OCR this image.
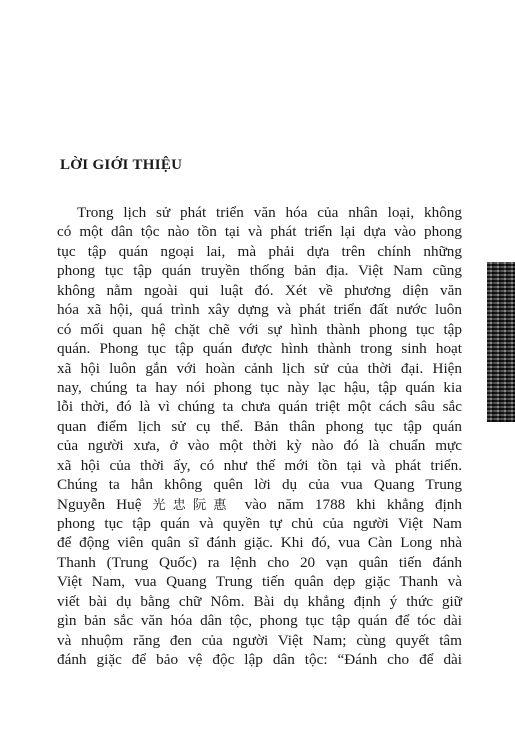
LỜI GIỚI THIỆU
Trong lịch sử phát triển văn hóa của nhân loại, không
có một dân tộc nào tồn tại và phát triển lại dựa vào phong
tục tập quán ngoại lai, mà phải dựa trên chính những
phong tục tập quán truyền thống bản địa. Việt Nam cũng
không nằm ngoài qui luật đó. Xét về phương diện văn
hóa xã hội, quá trình xây dựng và phát triển đất nước luôn
có mối quan hệ chặt chẽ với sự hình thành phong tục tập
quán. Phong tục tập quán được hình thành trong sinh hoạt
xã hội luôn gắn với hoàn cảnh lịch sử của thời đại. Hiện
nay, chúng ta hay nói phong tục này lạc hậu, tập quán kia
lỗi thời, đó là vì chúng ta chưa quán triệt một cách sâu sắc
quan điểm lịch sử cụ thể. Bản thân phong tục tập quán
của người xưa, ở vào một thời kỳ nào đó là chuẩn mực
xã hội của thời ấy, có như thế mới tồn tại và phát triển.
Chúng ta hẳn không quên lời dụ của vua Quang Trung
Nguyễn Huệ 光忠阮惠 vào năm 1788 khi khẳng định
phong tục tập quán và quyền tự chủ của người Việt Nam
để động viên quân sĩ đánh giặc. Khi đó, vua Càn Long nhà
Thanh (Trung Quốc) ra lệnh cho 20 vạn quân tiến đánh
Việt Nam, vua Quang Trung tiến quân dẹp giặc Thanh và
viết bài dụ bằng chữ Nôm. Bài dụ khẳng định ý thức giữ
gìn bản sắc văn hóa dân tộc, phong tục tập quán để tóc dài
và nhuộm răng đen của người Việt Nam; cùng quyết tâm
đánh giặc để bảo vệ độc lập dân tộc: “Đánh cho để dài
